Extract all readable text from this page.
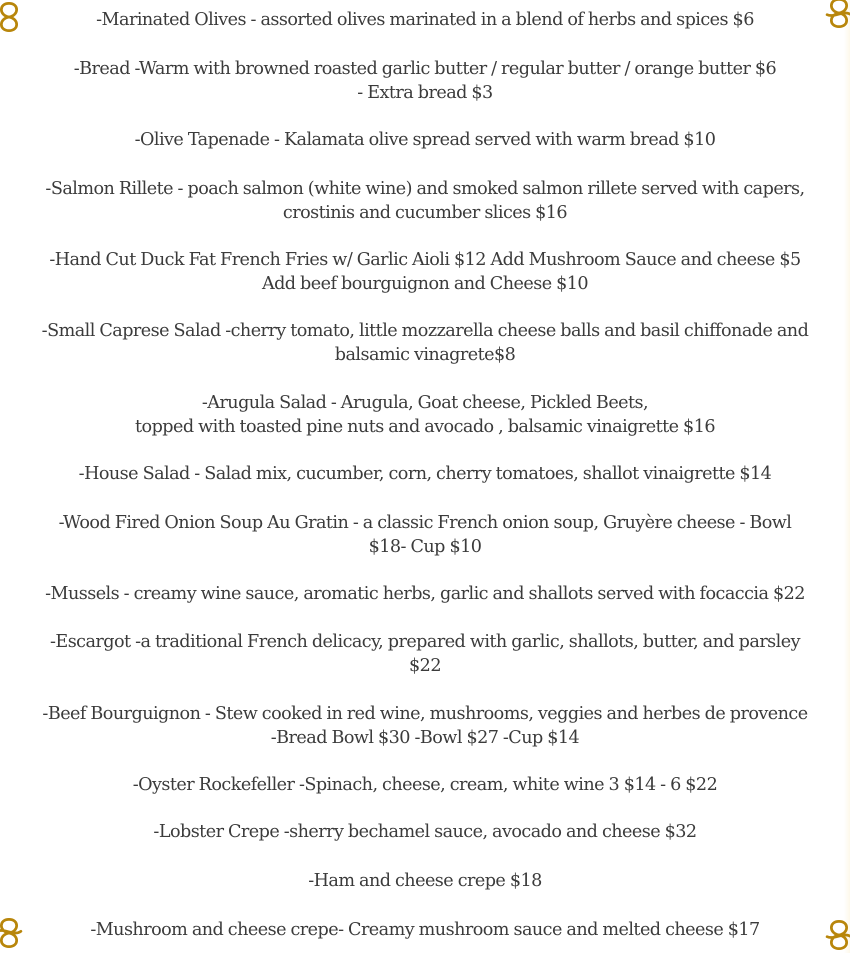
-Marinated Olives - assorted olives marinated in a blend of herbs and spices $6
-Bread -Warm with browned roasted garlic butter / regular butter / orange butter $6
- Extra bread $3
-Olive Tapenade - Kalamata olive spread served with warm bread $10
-Salmon Rillete - poach salmon (white wine) and smoked salmon rillete served with capers,
crostinis and cucumber slices $16
-Hand Cut Duck Fat French Fries w/ Garlic Aioli $12 Add Mushroom Sauce and cheese $5
Add beef bourguignon and Cheese $10
-Small Caprese Salad -cherry tomato, little mozzarella cheese balls and basil chiffonade and
balsamic vinagrete$8
-Arugula Salad - Arugula, Goat cheese, Pickled Beets,
topped with toasted pine nuts and avocado , balsamic vinaigrette $16
-House Salad - Salad mix, cucumber, corn, cherry tomatoes, shallot vinaigrette $14
-Wood Fired Onion Soup Au Gratin - a classic French onion soup, Gruyère cheese - Bowl
$18- Cup $10
-Mussels - creamy wine sauce, aromatic herbs, garlic and shallots served with focaccia $22
-Escargot -a traditional French delicacy, prepared with garlic, shallots, butter, and parsley
$22
-Beef Bourguignon - Stew cooked in red wine, mushrooms, veggies and herbes de provence
-Bread Bowl $30 -Bowl $27 -Cup $14
-Oyster Rockefeller -Spinach, cheese, cream, white wine 3 $14 - 6 $22
-Lobster Crepe -sherry bechamel sauce, avocado and cheese $32
-Ham and cheese crepe $18
-Mushroom and cheese crepe- Creamy mushroom sauce and melted cheese $17
